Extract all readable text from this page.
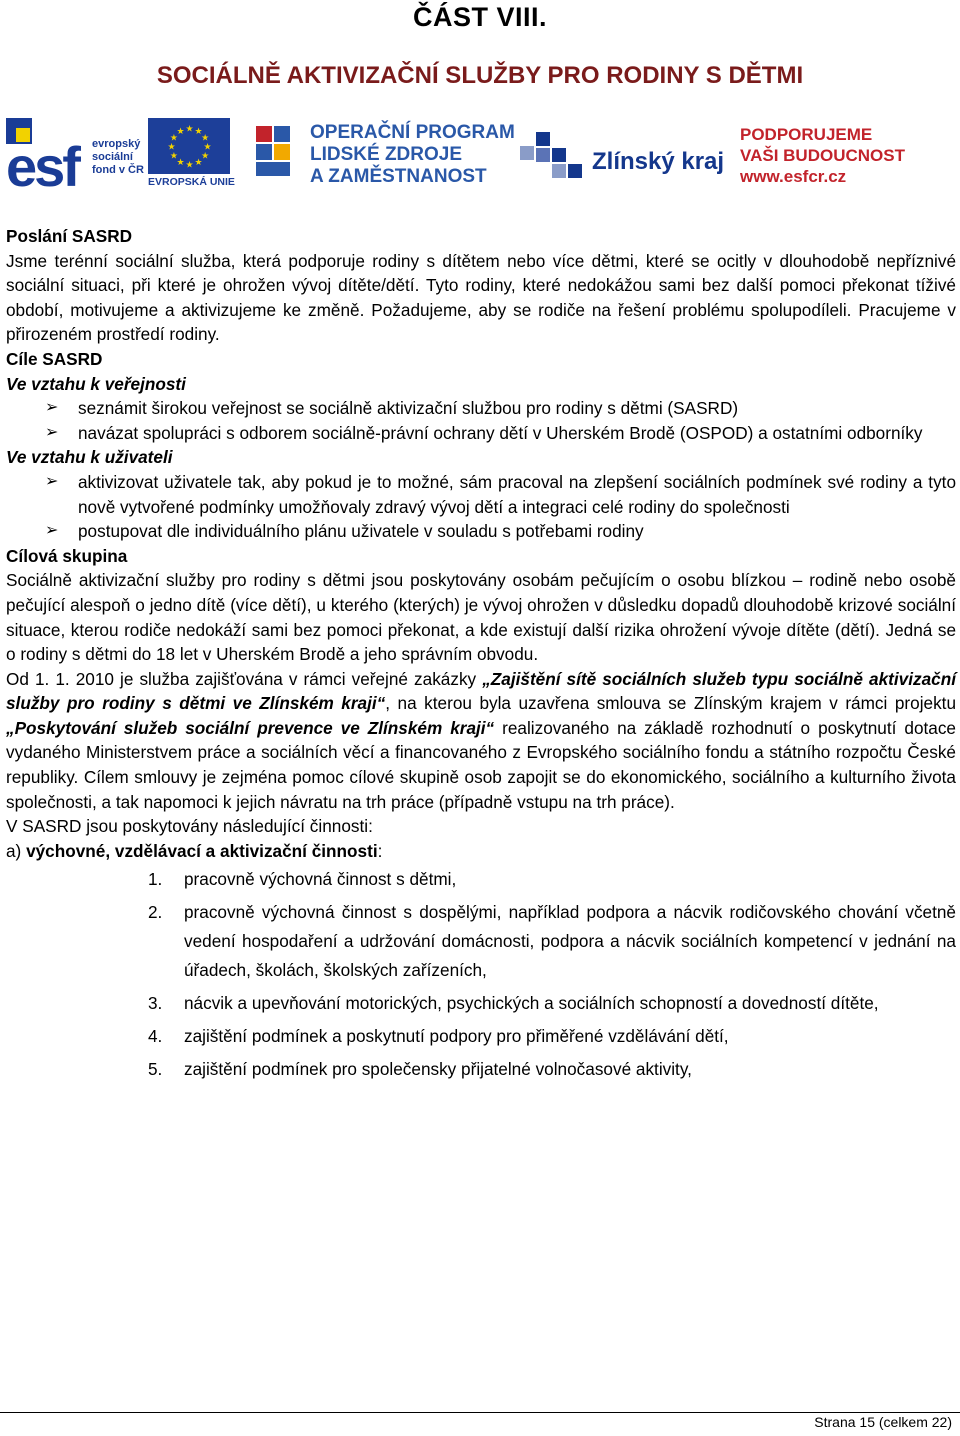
ČÁST VIII.
SOCIÁLNĚ AKTIVIZAČNÍ SLUŽBY PRO RODINY S DĚTMI
esf	evropský
sociální
fond v ČR
★
★
★
★
★
★
★
★
★ ★ ★
★
EVROPSKÁ UNIE
OPERAČNÍ PROGRAM
LIDSKÉ ZDROJE
A ZAMĚSTNANOST
Zlínský kraj
PODPORUJEME
VAŠI BUDOUCNOST
www.esfcr.cz

Poslání SASRD

Jsme terénní sociální služba, která podporuje rodiny s dítětem nebo více dětmi, které se ocitly v dlouhodobě nepříznivé sociální situaci, při které je ohrožen vývoj dítěte/dětí. Tyto rodiny, které nedokážou sami bez další pomoci překonat tíživé období, motivujeme a aktivizujeme ke změně. Požadujeme, aby se rodiče na řešení problému spolupodíleli. Pracujeme v přirozeném prostředí rodiny.

Cíle SASRD

Ve vztahu k veřejnosti

➢ seznámit širokou veřejnost se sociálně aktivizační službou pro rodiny s dětmi (SASRD)
➢ navázat spolupráci s odborem sociálně-právní ochrany dětí v Uherském Brodě (OSPOD) a ostatními odborníky

Ve vztahu k uživateli

➢ aktivizovat uživatele tak, aby pokud je to možné, sám pracoval na zlepšení sociálních podmínek své rodiny a tyto nově vytvořené podmínky umožňovaly zdravý vývoj dětí a integraci celé rodiny do společnosti
➢ postupovat dle individuálního plánu uživatele v souladu s potřebami rodiny

Cílová skupina

Sociálně aktivizační služby pro rodiny s dětmi jsou poskytovány osobám pečujícím o osobu blízkou – rodině nebo osobě pečující alespoň o jedno dítě (více dětí), u kterého (kterých) je vývoj ohrožen v důsledku dopadů dlouhodobě krizové sociální situace, kterou rodiče nedokáží sami bez pomoci překonat, a kde existují další rizika ohrožení vývoje dítěte (dětí). Jedná se o rodiny s dětmi do 18 let v Uherském Brodě a jeho správním obvodu.

Od 1. 1. 2010 je služba zajišťována v rámci veřejné zakázky „Zajištění sítě sociálních služeb typu sociálně aktivizační služby pro rodiny s dětmi ve Zlínském kraji“, na kterou byla uzavřena smlouva se Zlínským krajem v rámci projektu „Poskytování služeb sociální prevence ve Zlínském kraji“ realizovaného na základě rozhodnutí o poskytnutí dotace vydaného Ministerstvem práce a sociálních věcí a financovaného z Evropského sociálního fondu a státního rozpočtu České republiky. Cílem smlouvy je zejména pomoc cílové skupině osob zapojit se do ekonomického, sociálního a kulturního života společnosti, a tak napomoci k jejich návratu na trh práce (případně vstupu na trh práce).

V SASRD jsou poskytovány následující činnosti:

a) výchovné, vzdělávací a aktivizační činnosti:

1. pracovně výchovná činnost s dětmi,
2. pracovně výchovná činnost s dospělými, například podpora a nácvik rodičovského chování včetně vedení hospodaření a udržování domácnosti, podpora a nácvik sociálních kompetencí v jednání na úřadech, školách, školských zařízeních,
3. nácvik a upevňování motorických, psychických a sociálních schopností a dovedností dítěte,
4. zajištění podmínek a poskytnutí podpory pro přiměřené vzdělávání dětí,
5. zajištění podmínek pro společensky přijatelné volnočasové aktivity,
Strana 15 (celkem 22)
